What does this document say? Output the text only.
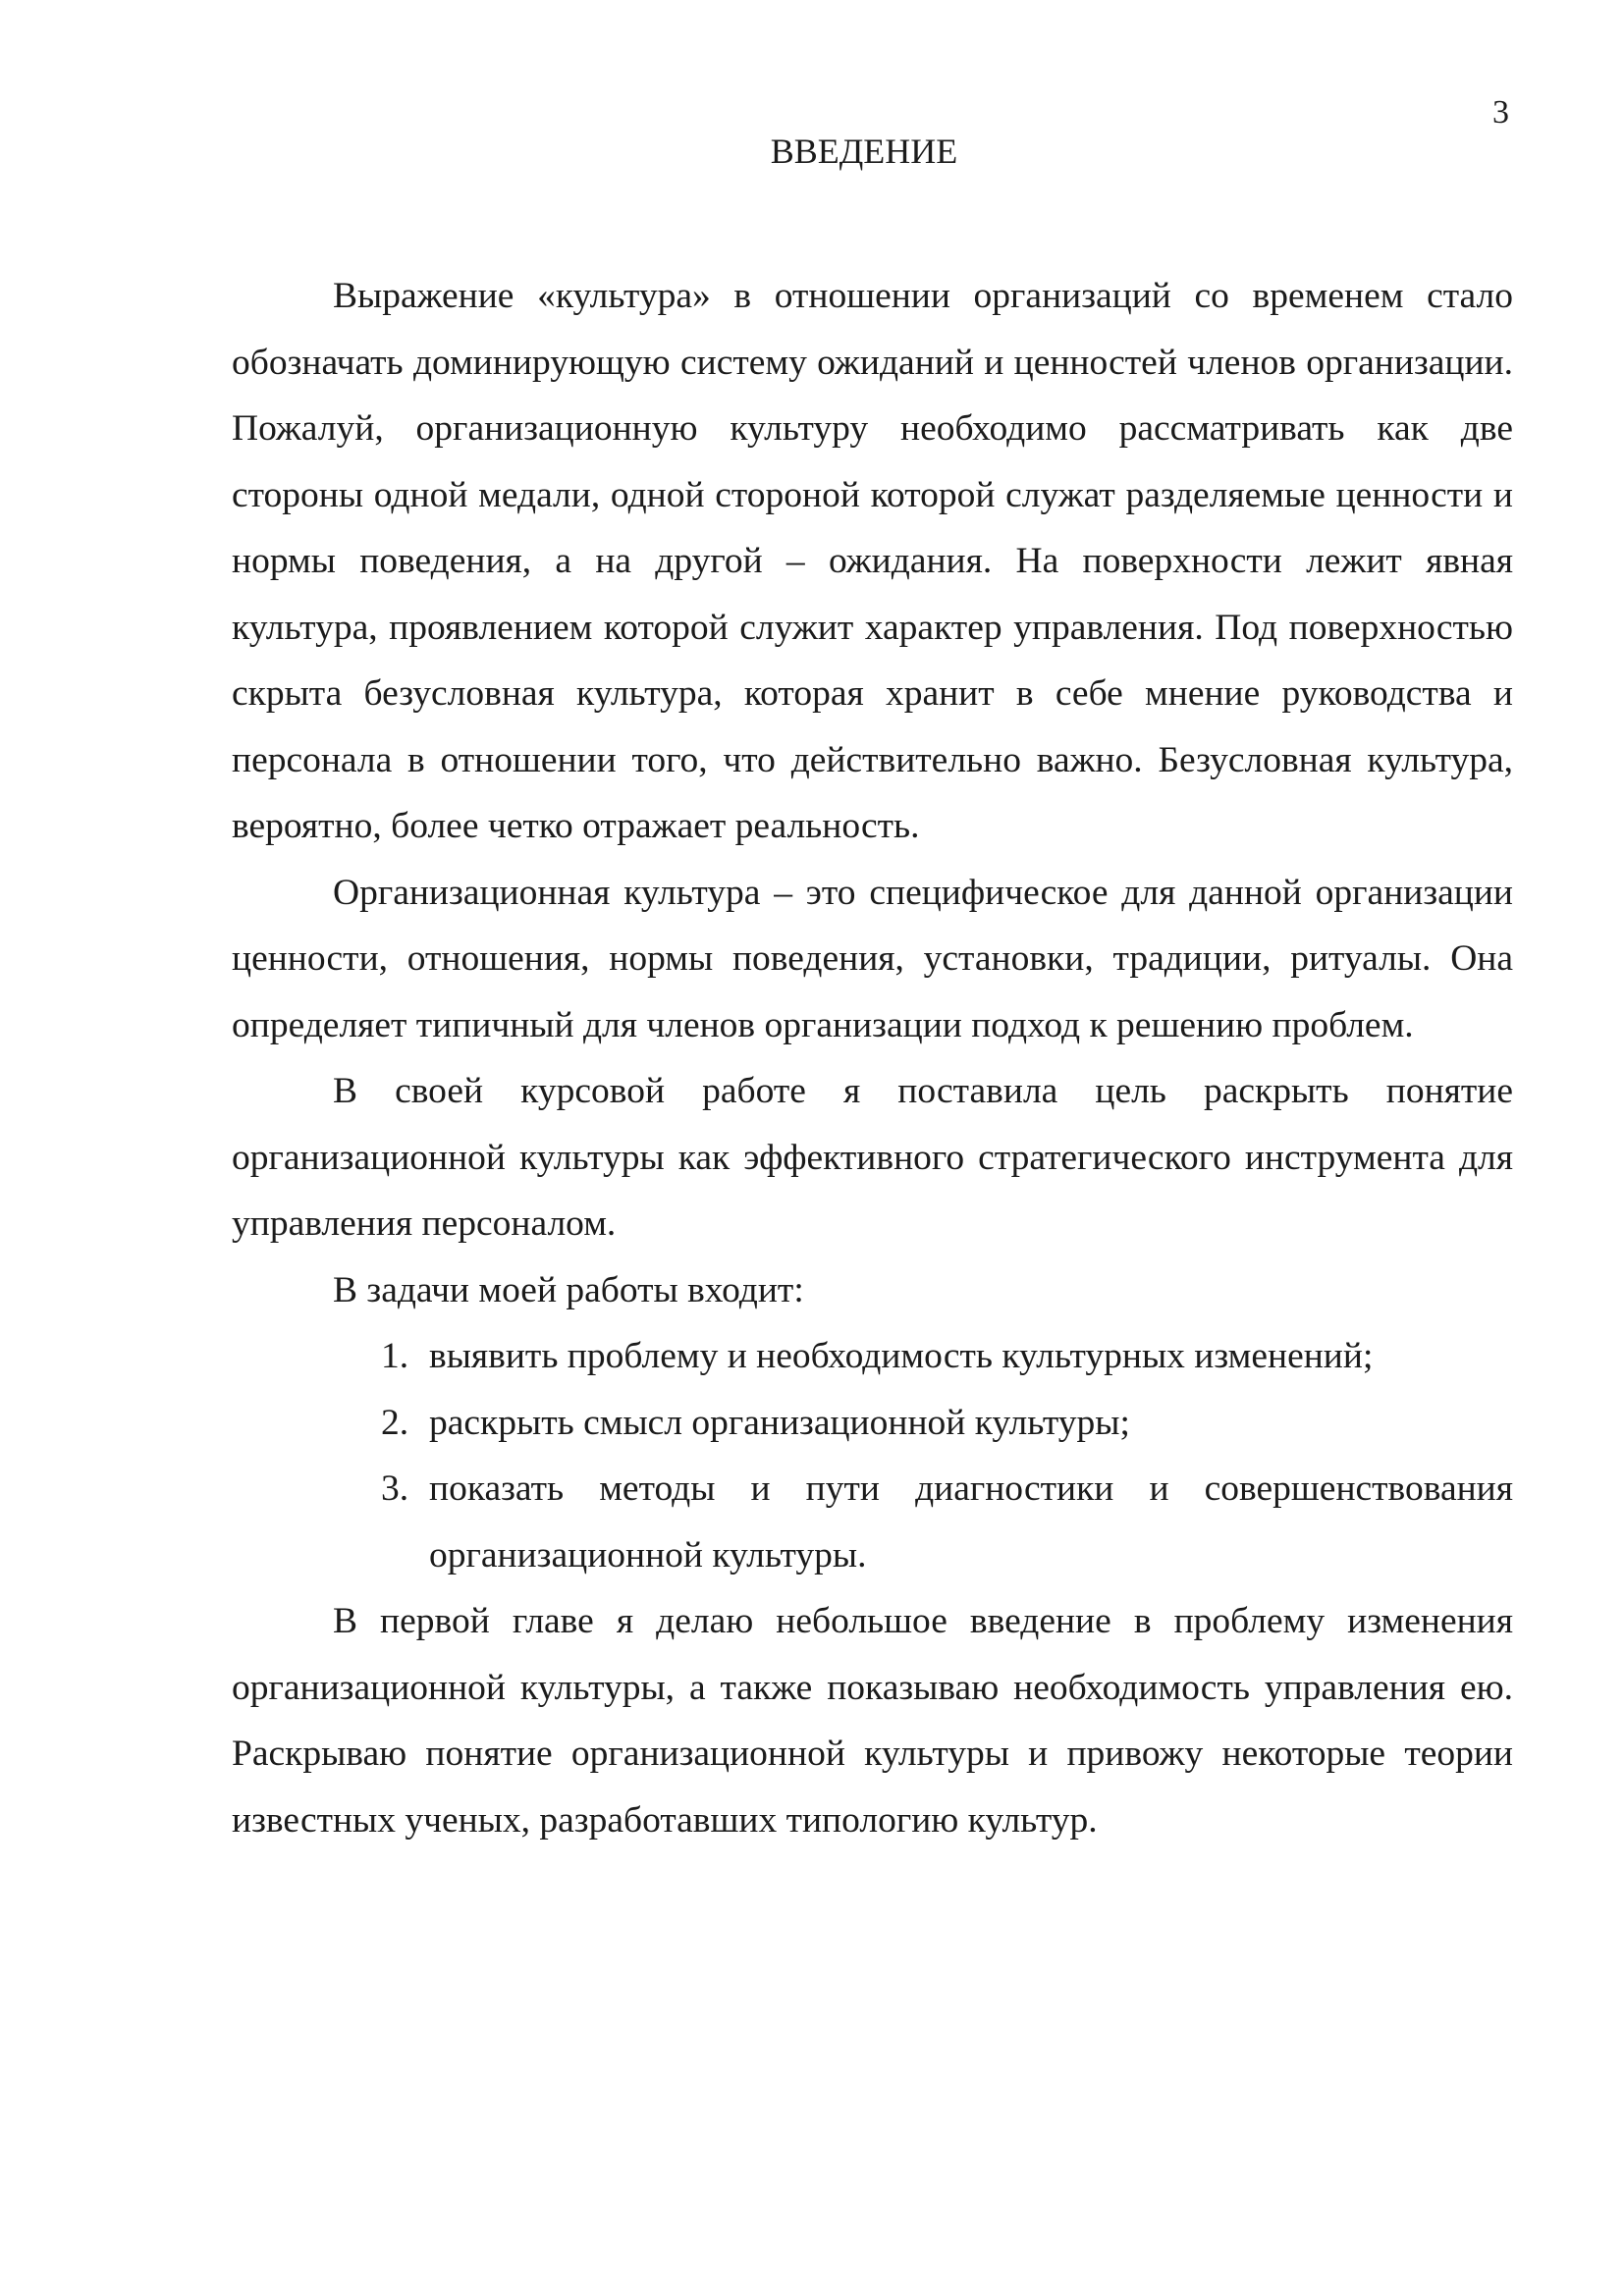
3
ВВЕДЕНИЕ

Выражение «культура» в отношении организаций со временем стало обозначать доминирующую систему ожиданий и ценностей членов организации. Пожалуй, организационную культуру необходимо рассматривать как две стороны одной медали, одной стороной которой служат разделяемые ценности и нормы поведения, а на другой – ожидания. На поверхности лежит явная культура, проявлением которой служит характер управления. Под поверхностью скрыта безусловная культура, которая хранит в себе мнение руководства и персонала в отношении того, что действительно важно. Безусловная культура, вероятно, более четко отражает реальность.

Организационная культура – это специфическое для данной организации ценности, отношения, нормы поведения, установки, традиции, ритуалы. Она определяет типичный для членов организации подход к решению проблем.

В своей курсовой работе я поставила цель раскрыть понятие организационной культуры как эффективного стратегического инструмента для управления персоналом.

В задачи моей работы входит:

1. выявить проблему и необходимость культурных изменений;
2. раскрыть смысл организационной культуры;
3. показать методы и пути диагностики и совершенствования организационной культуры.

В первой главе я делаю небольшое введение в проблему изменения организационной культуры, а также показываю необходимость управления ею. Раскрываю понятие организационной культуры и привожу некоторые теории известных ученых, разработавших типологию культур.
